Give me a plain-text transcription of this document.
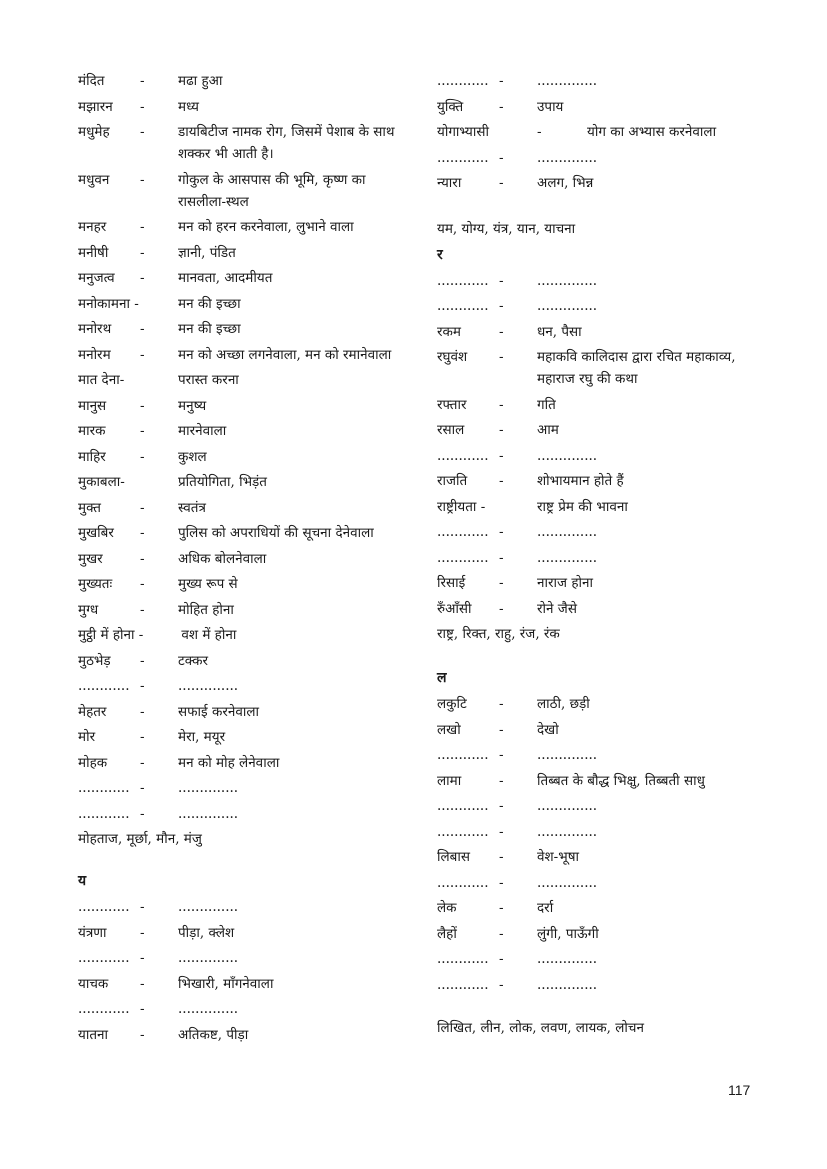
मंदित	-	मढा हुआ
मझारन	-	मध्य
मधुमेह	-	डायबिटीज नामक रोग, जिसमें पेशाब के साथ शक्कर भी आती है।
मधुवन	-	गोकुल के आसपास की भूमि, कृष्ण का रासलीला-स्थल
मनहर	-	मन को हरन करनेवाला, लुभाने वाला
मनीषी	-	ज्ञानी, पंडित
मनुजत्व	-	मानवता, आदमीयत
मनोकामना -	मन की इच्छा
मनोरथ	-	मन की इच्छा
मनोरम	-	मन को अच्छा लगनेवाला, मन को रमानेवाला
मात देना-	परास्त करना
मानुस	-	मनुष्य
मारक	-	मारनेवाला
माहिर	-	कुशल
मुकाबला-	प्रतियोगिता, भिड़ंत
मुक्त	-	स्वतंत्र
मुखबिर	-	पुलिस को अपराधियों की सूचना देनेवाला
मुखर	-	अधिक बोलनेवाला
मुख्यतः	-	मुख्य रूप से
मुग्ध	-	मोहित होना
मुट्ठी में होना -	वश में होना
मुठभेड़	-	टक्कर
............ -	..............
मेहतर	-	सफाई करनेवाला
मोर	-	मेरा, मयूर
मोहक	-	मन को मोह लेनेवाला
............ -	..............
............ -	..............
मोहताज, मूर्छा, मौन, मंजु
य
............ -	..............
यंत्रणा	-	पीड़ा, क्लेश
............ -	..............
याचक	-	भिखारी, माँगनेवाला
............ -	..............
यातना	-	अतिकष्ट, पीड़ा
............ -	..............
युक्ति	-	उपाय
योगाभ्यासी	-	योग का अभ्यास करनेवाला
............ -	..............
न्यारा	-	अलग, भिन्न
यम, योग्य, यंत्र, यान, याचना
र
............ -	..............
............ -	..............
रकम	-	धन, पैसा
रघुवंश	-	महाकवि कालिदास द्वारा रचित महाकाव्य, महाराज रघु की कथा
रफ्तार	-	गति
रसाल	-	आम
............ -	..............
राजति	-	शोभायमान होते हैं
राष्ट्रीयता -	राष्ट्र प्रेम की भावना
............ -	..............
............ -	..............
रिसाई	-	नाराज होना
रुँआँसी	-	रोने जैसे
राष्ट्र, रिक्त, राहु, रंज, रंक
ल
लकुटि	-	लाठी, छड़ी
लखो	-	देखो
............ -	..............
लामा	-	तिब्बत के बौद्ध भिक्षु, तिब्बती साधु
............ -	..............
............ -	..............
लिबास	-	वेश-भूषा
............ -	..............
लेक	-	दर्रा
लैहों	-	लुंगी, पाऊँगी
............ -	..............
............ -	..............
लिखित, लीन, लोक, लवण, लायक, लोचन
117
